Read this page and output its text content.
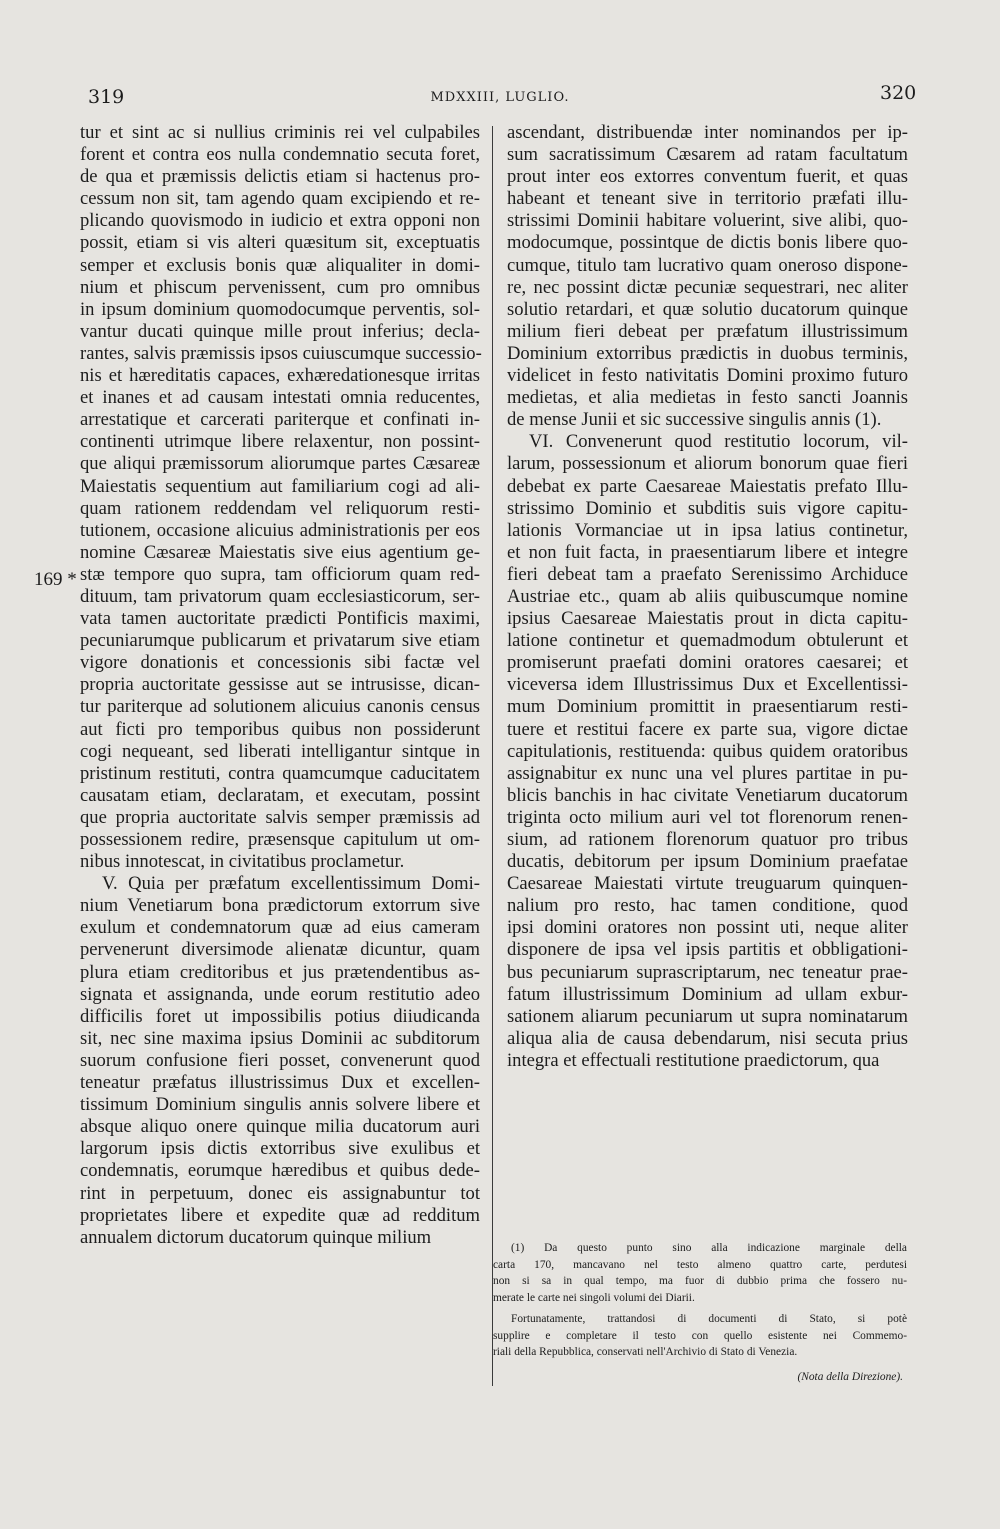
319	MDXXIII, LUGLIO.	320
169 *
tur et sint ac si nullius criminis rei vel culpabiles
forent et contra eos nulla condemnatio secuta foret,
de qua et præmissis delictis etiam si hactenus pro-
cessum non sit, tam agendo quam excipiendo et re-
plicando quovismodo in iudicio et extra opponi non
possit, etiam si vis alteri quæsitum sit, exceptuatis
semper et exclusis bonis quæ aliqualiter in domi-
nium et phiscum pervenissent, cum pro omnibus
in ipsum dominium quomodocumque perventis, sol-
vantur ducati quinque mille prout inferius; decla-
rantes, salvis præmissis ipsos cuiuscumque successio-
nis et hæreditatis capaces, exhæredationesque irritas
et inanes et ad causam intestati omnia reducentes,
arrestatique et carcerati pariterque et confinati in-
continenti utrimque libere relaxentur, non possint-
que aliqui præmissorum aliorumque partes Cæsareæ
Maiestatis sequentium aut familiarium cogi ad ali-
quam rationem reddendam vel reliquorum resti-
tutionem, occasione alicuius administrationis per eos
nomine Cæsareæ Maiestatis sive eius agentium ge-
stæ tempore quo supra, tam officiorum quam red-
dituum, tam privatorum quam ecclesiasticorum, ser-
vata tamen auctoritate prædicti Pontificis maximi,
pecuniarumque publicarum et privatarum sive etiam
vigore donationis et concessionis sibi factæ vel
propria auctoritate gessisse aut se intrusisse, dican-
tur pariterque ad solutionem alicuius canonis census
aut ficti pro temporibus quibus non possiderunt
cogi nequeant, sed liberati intelligantur sintque in
pristinum restituti, contra quamcumque caducitatem
causatam etiam, declaratam, et executam, possint
que propria auctoritate salvis semper præmissis ad
possessionem redire, præsensque capitulum ut om-
nibus innotescat, in civitatibus proclametur.
V. Quia per præfatum excellentissimum Domi-
nium Venetiarum bona prædictorum extorrum sive
exulum et condemnatorum quæ ad eius cameram
pervenerunt diversimode alienatæ dicuntur, quam
plura etiam creditoribus et jus prætendentibus as-
signata et assignanda, unde eorum restitutio adeo
difficilis foret ut impossibilis potius diiudicanda
sit, nec sine maxima ipsius Dominii ac subditorum
suorum confusione fieri posset, convenerunt quod
teneatur præfatus illustrissimus Dux et excellen-
tissimum Dominium singulis annis solvere libere et
absque aliquo onere quinque milia ducatorum auri
largorum ipsis dictis extorribus sive exulibus et
condemnatis, eorumque hæredibus et quibus dede-
rint in perpetuum, donec eis assignabuntur tot
proprietates libere et expedite quæ ad redditum
annualem dictorum ducatorum quinque milium
ascendant, distribuendæ inter nominandos per ip-
sum sacratissimum Cæsarem ad ratam facultatum
prout inter eos extorres conventum fuerit, et quas
habeant et teneant sive in territorio præfati illu-
strissimi Dominii habitare voluerint, sive alibi, quo-
modocumque, possintque de dictis bonis libere quo-
cumque, titulo tam lucrativo quam oneroso dispone-
re, nec possint dictæ pecuniæ sequestrari, nec aliter
solutio retardari, et quæ solutio ducatorum quinque
milium fieri debeat per præfatum illustrissimum
Dominium extorribus prædictis in duobus terminis,
videlicet in festo nativitatis Domini proximo futuro
medietas, et alia medietas in festo sancti Joannis
de mense Junii et sic successive singulis annis (1).
VI. Convenerunt quod restitutio locorum, vil-
larum, possessionum et aliorum bonorum quae fieri
debebat ex parte Caesareae Maiestatis prefato Illu-
strissimo Dominio et subditis suis vigore capitu-
lationis Vormanciae ut in ipsa latius continetur,
et non fuit facta, in praesentiarum libere et integre
fieri debeat tam a praefato Serenissimo Archiduce
Austriae etc., quam ab aliis quibuscumque nomine
ipsius Caesareae Maiestatis prout in dicta capitu-
latione continetur et quemadmodum obtulerunt et
promiserunt praefati domini oratores caesarei; et
viceversa idem Illustrissimus Dux et Excellentissi-
mum Dominium promittit in praesentiarum resti-
tuere et restitui facere ex parte sua, vigore dictae
capitulationis, restituenda: quibus quidem oratoribus
assignabitur ex nunc una vel plures partitae in pu-
blicis banchis in hac civitate Venetiarum ducatorum
triginta octo milium auri vel tot florenorum renen-
sium, ad rationem florenorum quatuor pro tribus
ducatis, debitorum per ipsum Dominium praefatae
Caesareae Maiestati virtute treuguarum quinquen-
nalium pro resto, hac tamen conditione, quod
ipsi domini oratores non possint uti, neque aliter
disponere de ipsa vel ipsis partitis et obbligationi-
bus pecuniarum suprascriptarum, nec teneatur prae-
fatum illustrissimum Dominium ad ullam exbur-
sationem aliarum pecuniarum ut supra nominatarum
aliqua alia de causa debendarum, nisi secuta prius
integra et effectuali restitutione praedictorum, qua
(1) Da questo punto sino alla indicazione marginale della
carta 170, mancavano nel testo almeno quattro carte, perdutesi
non si sa in qual tempo, ma fuor di dubbio prima che fossero nu-
merate le carte nei singoli volumi dei Diarii.
Fortunatamente, trattandosi di documenti di Stato, si potè
supplire e completare il testo con quello esistente nei Commemo-
riali della Repubblica, conservati nell'Archivio di Stato di Venezia.
(Nota della Direzione).
